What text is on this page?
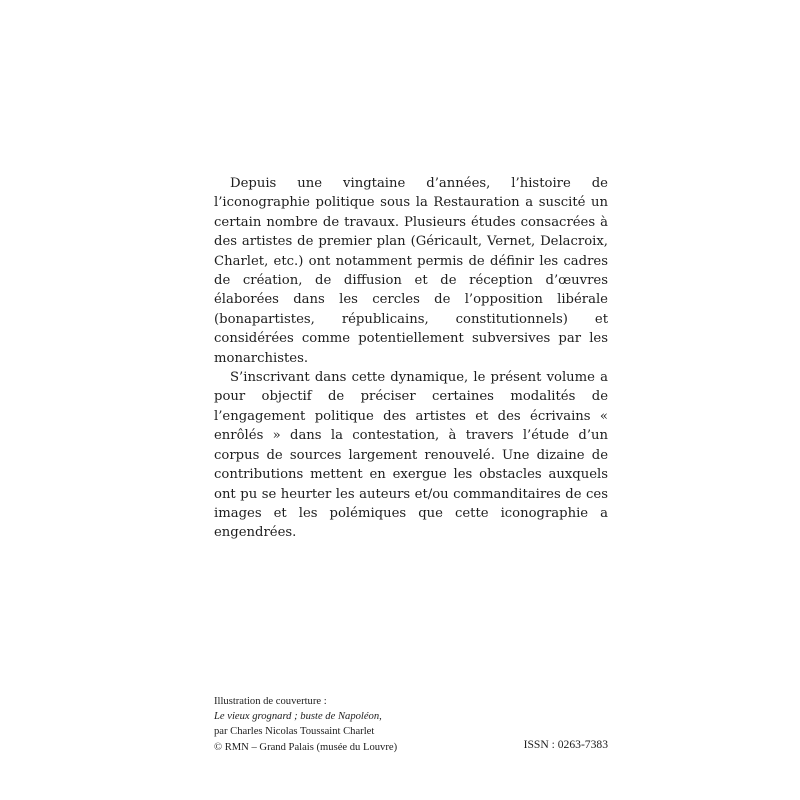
Depuis une vingtaine d’années, l’histoire de l’iconographie politique sous la Restauration a suscité un certain nombre de travaux. Plusieurs études consacrées à des artistes de premier plan (Géricault, Vernet, Delacroix, Charlet, etc.) ont notamment permis de définir les cadres de création, de diffusion et de réception d’œuvres élaborées dans les cercles de l’opposition libérale (bonapartistes, républicains, constitutionnels) et considérées comme potentiellement subversives par les monarchistes.

S’inscrivant dans cette dynamique, le présent volume a pour objectif de préciser certaines modalités de l’engagement politique des artistes et des écrivains « enrôlés » dans la contestation, à travers l’étude d’un corpus de sources largement renouvelé. Une dizaine de contributions mettent en exergue les obstacles auxquels ont pu se heurter les auteurs et/ou commanditaires de ces images et les polémiques que cette iconographie a engendrées.

Illustration de couverture :
Le vieux grognard ; buste de Napoléon,
par Charles Nicolas Toussaint Charlet
© RMN – Grand Palais (musée du Louvre)	ISSN : 0263-7383
